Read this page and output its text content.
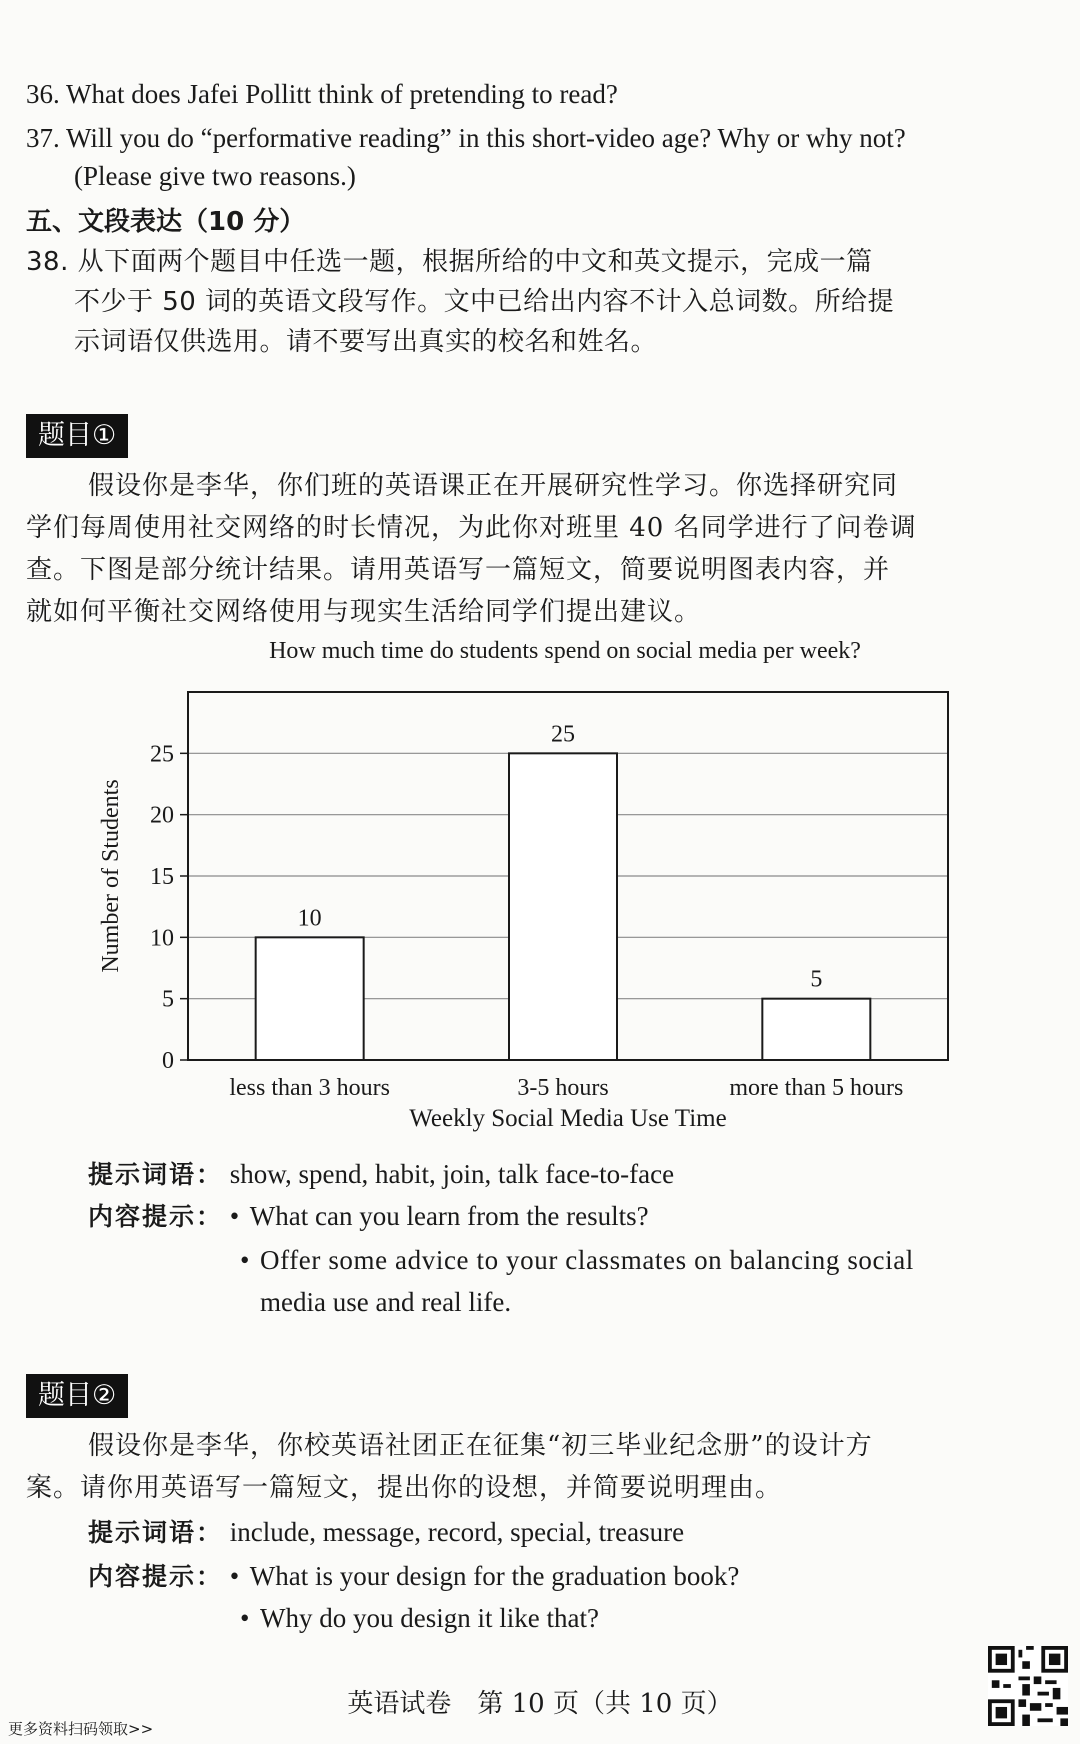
36. What does Jafei Pollitt think of pretending to read?
37. Will you do “performative reading” in this short-video age? Why or why not?
(Please give two reasons.)
五、文段表达（10 分）
38. 从下面两个题目中任选一题，根据所给的中文和英文提示，完成一篇
不少于 50 词的英语文段写作。文中已给出内容不计入总词数。所给提
示词语仅供选用。请不要写出真实的校名和姓名。
题目①
假设你是李华，你们班的英语课正在开展研究性学习。你选择研究同
学们每周使用社交网络的时长情况，为此你对班里 40 名同学进行了问卷调
查。下图是部分统计结果。请用英语写一篇短文，简要说明图表内容，并
就如何平衡社交网络使用与现实生活给同学们提出建议。
How much time do students spend on social media per week?
10
less than 3 hours
25
3-5 hours
5
more than 5 hours
0
5
10
15
20
25
Number of Students
Weekly Social Media Use Time
提示词语： show, spend, habit, join, talk face-to-face
内容提示： • What can you learn from the results?
• Offer some advice to your classmates on balancing social
media use and real life.
题目②
假设你是李华，你校英语社团正在征集“初三毕业纪念册”的设计方
案。请你用英语写一篇短文，提出你的设想，并简要说明理由。
提示词语： include, message, record, special, treasure
内容提示： • What is your design for the graduation book?
• Why do you design it like that?
英语试卷　第 10 页（共 10 页）
更多资料扫码领取>>
